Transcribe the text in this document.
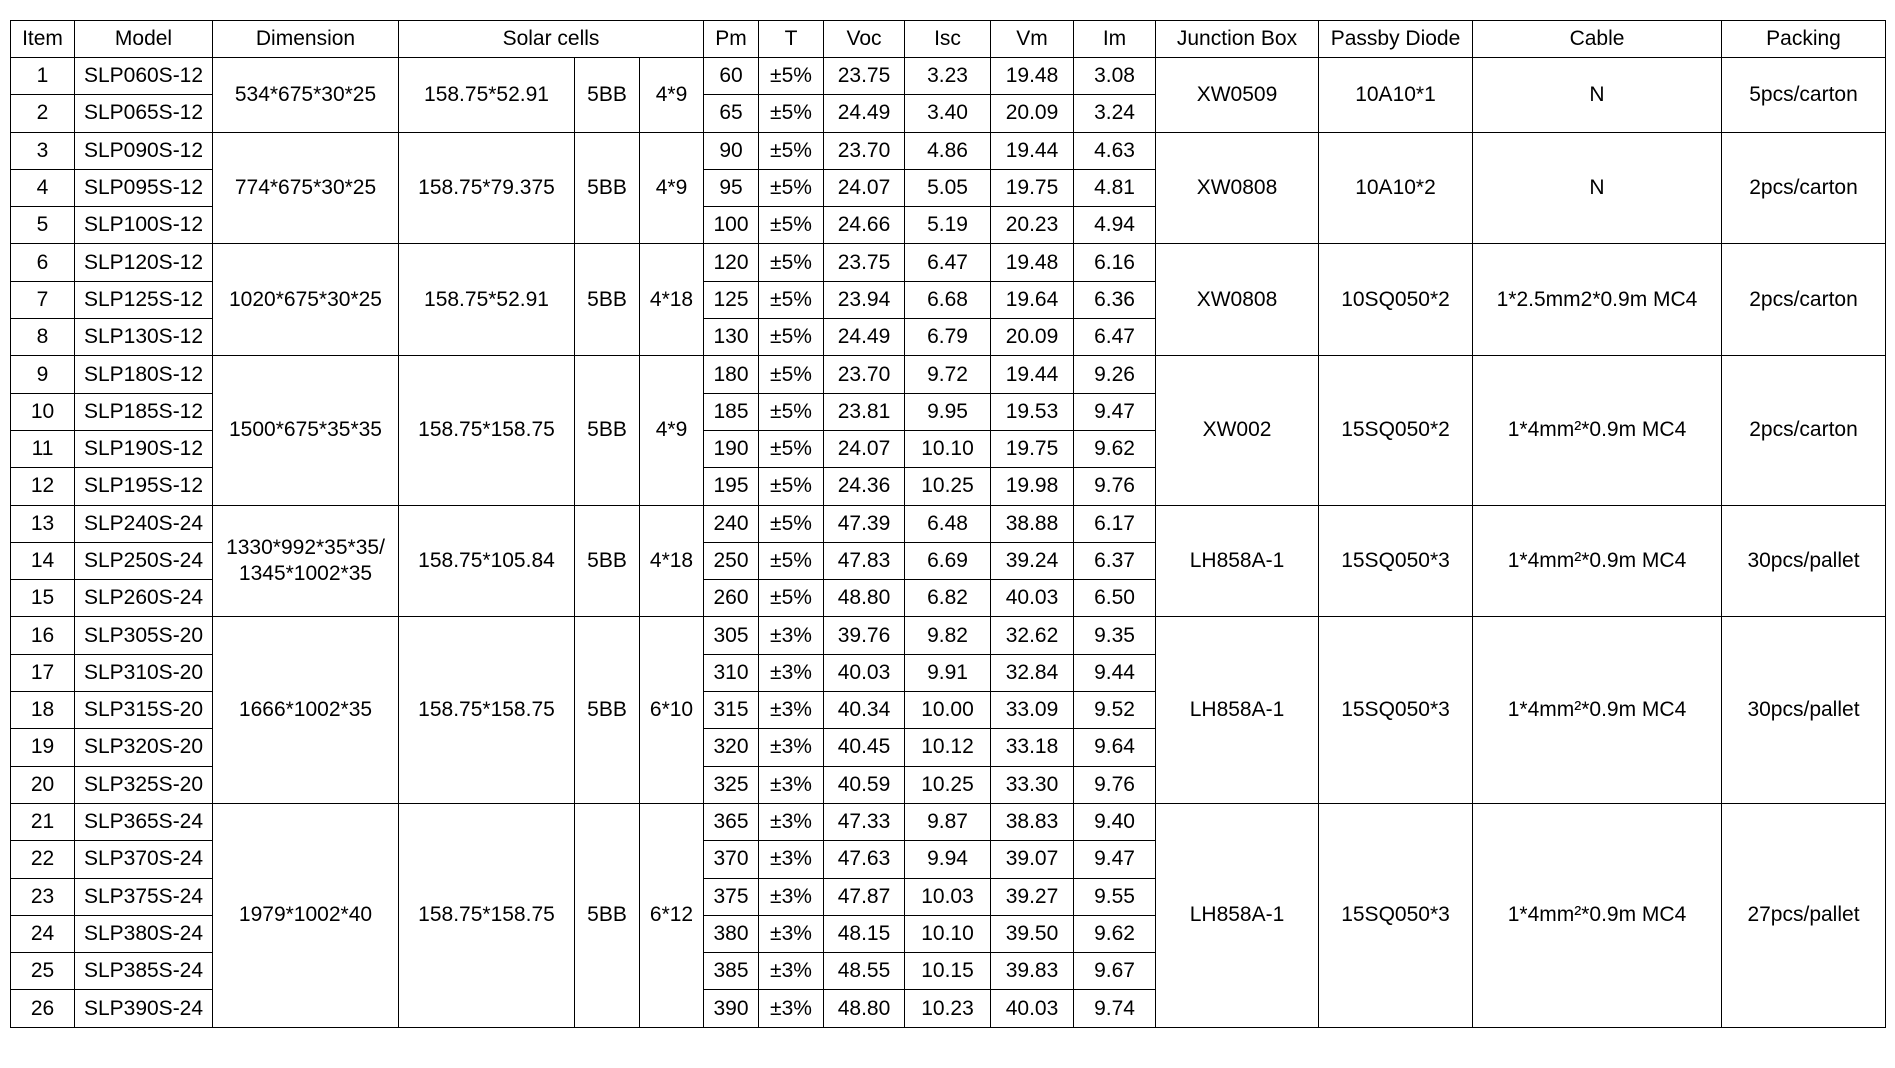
Item	Model	Dimension	Solar cells			Pm	T	Voc	Isc	Vm	Im	Junction Box	Passby Diode	Cable	Packing
1	SLP060S-12	534*675*30*25	158.75*52.91	5BB	4*9	60	±5%	23.75	3.23	19.48	3.08	XW0509	10A10*1	N	5pcs/carton
2	SLP065S-12					65	±5%	24.49	3.40	20.09	3.24				
3	SLP090S-12	774*675*30*25	158.75*79.375	5BB	4*9	90	±5%	23.70	4.86	19.44	4.63	XW0808	10A10*2	N	2pcs/carton
4	SLP095S-12					95	±5%	24.07	5.05	19.75	4.81				
5	SLP100S-12					100	±5%	24.66	5.19	20.23	4.94				
6	SLP120S-12	1020*675*30*25	158.75*52.91	5BB	4*18	120	±5%	23.75	6.47	19.48	6.16	XW0808	10SQ050*2	1*2.5mm2*0.9m MC4	2pcs/carton
7	SLP125S-12					125	±5%	23.94	6.68	19.64	6.36				
8	SLP130S-12					130	±5%	24.49	6.79	20.09	6.47				
9	SLP180S-12	1500*675*35*35	158.75*158.75	5BB	4*9	180	±5%	23.70	9.72	19.44	9.26	XW002	15SQ050*2	1*4mm²*0.9m MC4	2pcs/carton
10	SLP185S-12					185	±5%	23.81	9.95	19.53	9.47				
11	SLP190S-12					190	±5%	24.07	10.10	19.75	9.62				
12	SLP195S-12					195	±5%	24.36	10.25	19.98	9.76				
13	SLP240S-24	1330*992*35*35/ 1345*1002*35	158.75*105.84	5BB	4*18	240	±5%	47.39	6.48	38.88	6.17	LH858A-1	15SQ050*3	1*4mm²*0.9m MC4	30pcs/pallet
14	SLP250S-24					250	±5%	47.83	6.69	39.24	6.37				
15	SLP260S-24					260	±5%	48.80	6.82	40.03	6.50				
16	SLP305S-20	1666*1002*35	158.75*158.75	5BB	6*10	305	±3%	39.76	9.82	32.62	9.35	LH858A-1	15SQ050*3	1*4mm²*0.9m MC4	30pcs/pallet
17	SLP310S-20					310	±3%	40.03	9.91	32.84	9.44				
18	SLP315S-20					315	±3%	40.34	10.00	33.09	9.52				
19	SLP320S-20					320	±3%	40.45	10.12	33.18	9.64				
20	SLP325S-20					325	±3%	40.59	10.25	33.30	9.76				
21	SLP365S-24	1979*1002*40	158.75*158.75	5BB	6*12	365	±3%	47.33	9.87	38.83	9.40	LH858A-1	15SQ050*3	1*4mm²*0.9m MC4	27pcs/pallet
22	SLP370S-24					370	±3%	47.63	9.94	39.07	9.47				
23	SLP375S-24					375	±3%	47.87	10.03	39.27	9.55				
24	SLP380S-24					380	±3%	48.15	10.10	39.50	9.62				
25	SLP385S-24					385	±3%	48.55	10.15	39.83	9.67				
26	SLP390S-24					390	±3%	48.80	10.23	40.03	9.74				
